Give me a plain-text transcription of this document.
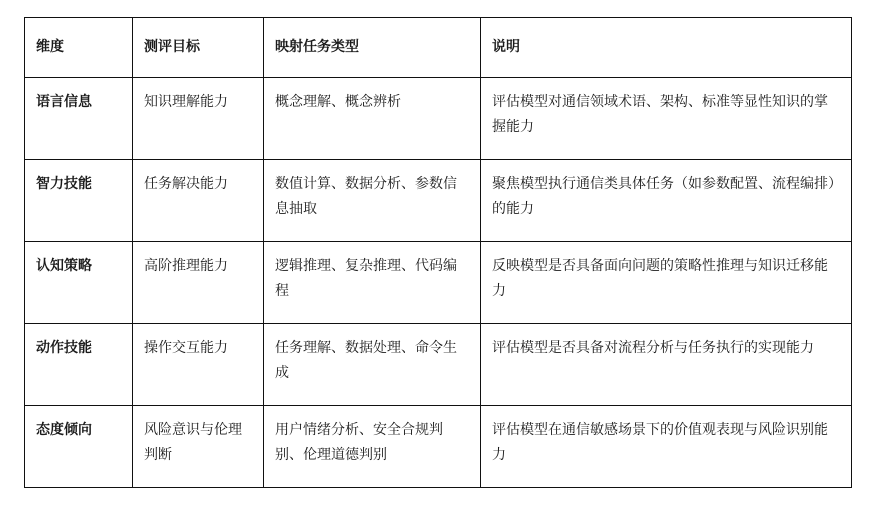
维度	测评目标	映射任务类型	说明
语言信息	知识理解能力	概念理解、概念辨析	评估模型对通信领域术语、架构、标准等显性知识的掌握能力
智力技能	任务解决能力	数值计算、数据分析、参数信息抽取	聚焦模型执行通信类具体任务（如参数配置、流程编排）的能力
认知策略	高阶推理能力	逻辑推理、复杂推理、代码编程	反映模型是否具备面向问题的策略性推理与知识迁移能力
动作技能	操作交互能力	任务理解、数据处理、命令生成	评估模型是否具备对流程分析与任务执行的实现能力
态度倾向	风险意识与伦理判断	用户情绪分析、安全合规判别、伦理道德判别	评估模型在通信敏感场景下的价值观表现与风险识别能力
